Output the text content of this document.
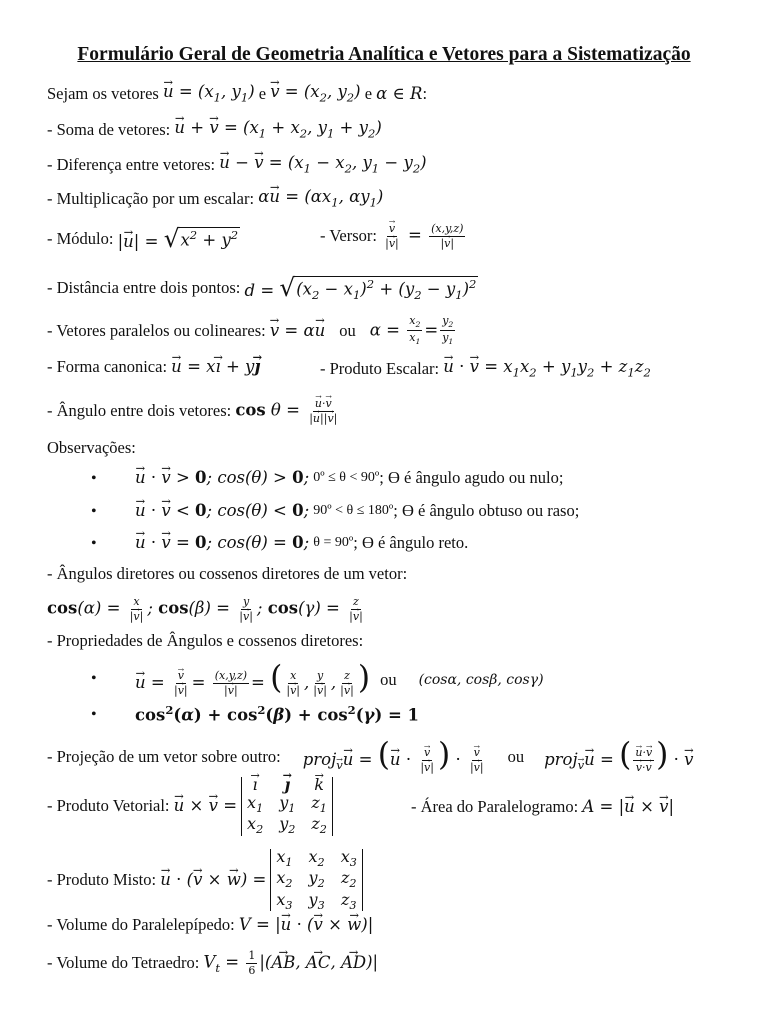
Formulário Geral de Geometria Analítica e Vetores para a Sistematização
Sejam os vetores
→ $u = (x_1$, $y_1$)
e
→ $v = (x_2$, $y_2$)
e
α ∈ R :
- Soma de vetores:
→ u + → $v = (x_1 + x_2$, $y_1 + y_2$)
- Diferença entre vetores:
→ u − → $v = (x_1 - x_2$, $y_1 - y_2$)
- Multiplicação por um escalar:
$\alpha\to u = (\alpha x_1$, $\alpha y_1$)
- Módulo:
|→ u| = √ $x^2 + y^2$	- Versor:
→ $\frac{v}{|\to v|} = \frac{(x,y,z)}{|\to v|}$
- Distância entre dois pontos:
d = √ $(x_2 - x_1)^2 + (y_2 - y_1)^2$
- Vetores paralelos ou colineares:
→ v = α→ u ou $\alpha = \frac{x_2}{x_1} = \frac{y_2}{y_1}$
- Forma canonica:
→ u = x→ ı + y→ ȷ	- Produto Escalar:
→ u · → $v = x_1x_2 + y_1y_2 + z_1z_2$
- Ângulo entre dois vetores:
cos θ = → $\frac{u\cdot\to v}{|\to u||\to v|}$
Observações:
• → u · → v > 0; cos(θ) > 0;
0º ≤ θ < 90º ; ϴ é ângulo agudo ou nulo;
• → u · → v < 0; cos(θ) < 0;
90º < θ ≤ 180º ; ϴ é ângulo obtuso ou raso;
• → u · → v = 0; cos(θ) = 0;
θ = 90º ; ϴ é ângulo reto.
- Ângulos diretores ou cossenos diretores de um vetor:
$\cos(\alpha) = \frac{x}{|\to v|}$ ; $\cos(\beta) = \frac{y}{|\to v|}$ ; $\cos(\gamma) = \frac{z}{|\to v|}$
- Propriedades de Ângulos e cossenos diretores:
• → u = → $\frac{v}{|\to v|} = \frac{(x,y,z)}{|\to v|}$ = ( $\frac{x}{|\to v|}$ , $\frac{y}{|\to v|}$ , $\frac{z}{|\to v|}$ ) ou (cosα, cosβ, cosγ)
• $\cos^2(\alpha) + \cos^2(\beta) + \cos^2(\gamma) = 1$
- Projeção de um vetor sobre outro: proj→ $_v$→ u = (→ u · → $\frac{v}{|\to v|}$ ) · → $\frac{v}{|\to v|}$ ou proj→ $_v$→ u = ( → u·→ v
→ v·→ v ) · → v
- Produto Vetorial:
→ u × → v =
→ ı	→ ȷ	→ k
$x_1$ $y_1$ $z_1$
$x_2$ $y_2$ $z_2$
- Área do Paralelogramo:
A = |→ u × → v|
- Produto Misto:
→ u · (→ v × → w) =
$x_1$ $x_2$ $x_3$
$x_2$ $y_2$ $z_2$
$x_3$ $y_3$ $z_3$
- Volume do Paralelepípedo:
V = |→ u · (→ v × → w)|
- Volume do Tetraedro:
$V_t = \frac{1}{6}$ |(→ AB, → AC, → AD)|
